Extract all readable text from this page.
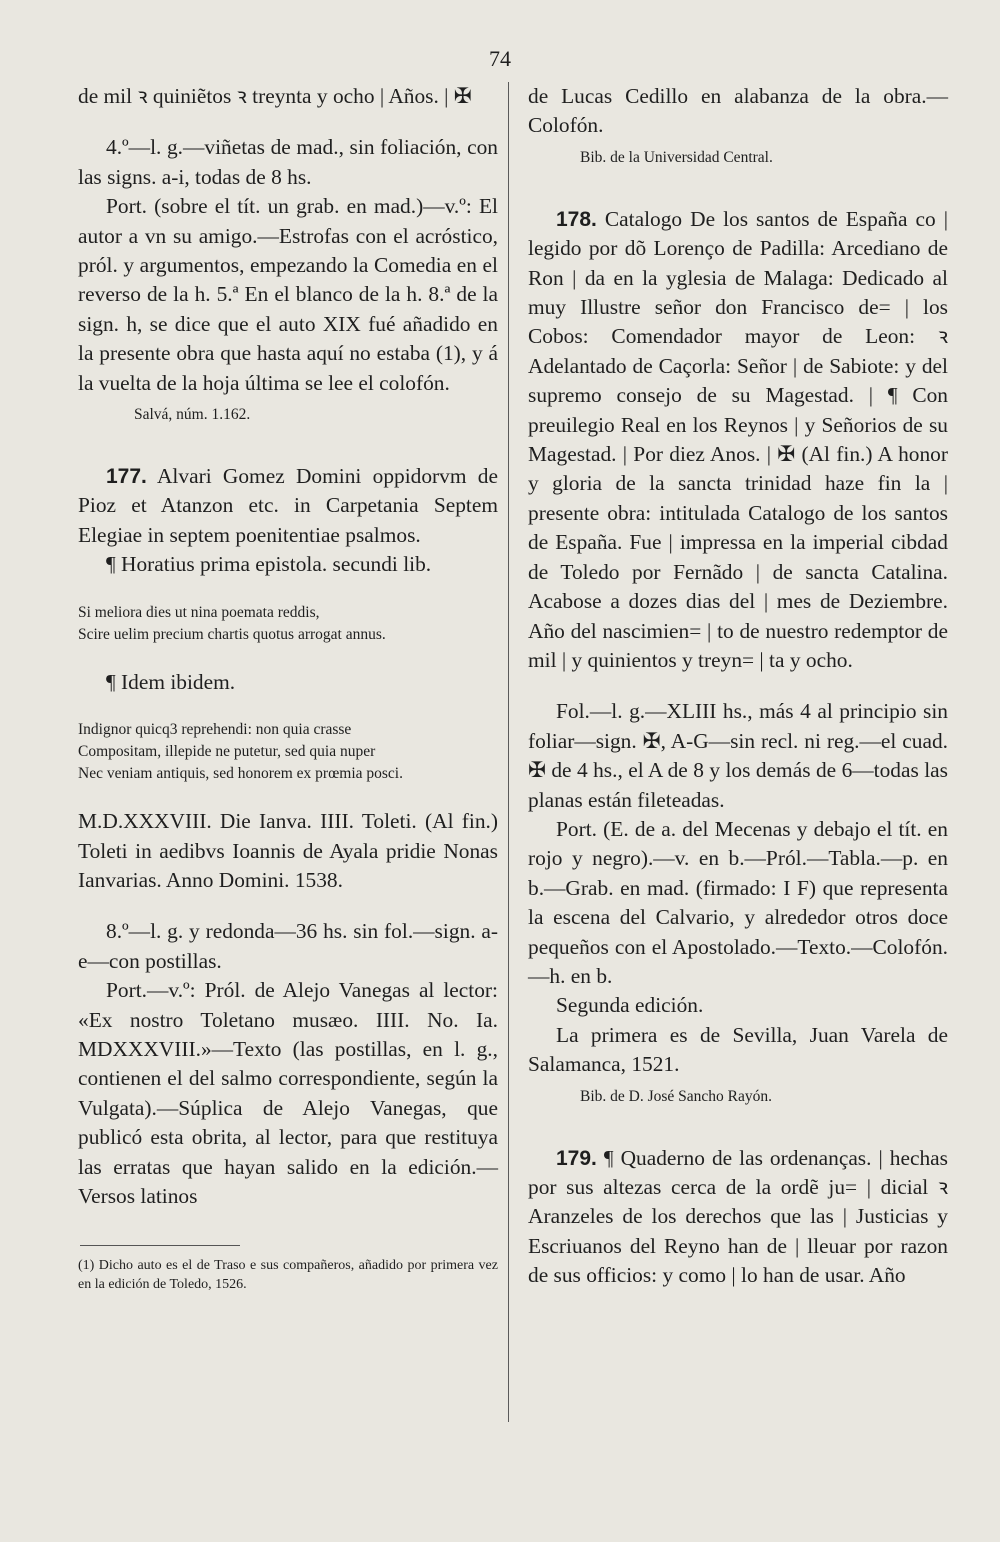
74

de mil ꝛ quiniẽtos ꝛ treynta y ocho | Años. | ✠

4.º—l. g.—viñetas de mad., sin foliación, con las signs. a-i, todas de 8 hs.

Port. (sobre el tít. un grab. en mad.)—v.º: El autor a vn su amigo.—Estrofas con el acróstico, pról. y argumentos, empezando la Comedia en el reverso de la h. 5.ª En el blanco de la h. 8.ª de la sign. h, se dice que el auto XIX fué añadido en la presente obra que hasta aquí no estaba (1), y á la vuelta de la hoja última se lee el colofón.

Salvá, núm. 1.162.

177. Alvari Gomez Domini oppidorvm de Pioz et Atanzon etc. in Carpetania Septem Elegiae in septem poenitentiae psalmos.

¶ Horatius prima epistola. secundi lib.

Si meliora dies ut nina poemata reddis,
Scire uelim precium chartis quotus arrogat annus.

¶ Idem ibidem.

Indignor quicq3 reprehendi: non quia crasse
Compositam, illepide ne putetur, sed quia nuper
Nec veniam antiquis, sed honorem ex prœmia posci.

M.D.XXXVIII. Die Ianva. IIII. Toleti. (Al fin.) Toleti in aedibvs Ioannis de Ayala pridie Nonas Ianvarias. Anno Domini. 1538.

8.º—l. g. y redonda—36 hs. sin fol.—sign. a-e—con postillas.

Port.—v.º: Pról. de Alejo Vanegas al lector: «Ex nostro Toletano musæo. IIII. No. Ia. MDXXXVIII.»—Texto (las postillas, en l. g., contienen el del salmo correspondiente, según la Vulgata).—Súplica de Alejo Vanegas, que publicó esta obrita, al lector, para que restituya las erratas que hayan salido en la edición.—Versos latinos

(1) Dicho auto es el de Traso e sus compañeros, añadido por primera vez en la edición de Toledo, 1526.

de Lucas Cedillo en alabanza de la obra.—Colofón.

Bib. de la Universidad Central.

178. Catalogo De los santos de España co | legido por dõ Lorenço de Padilla: Arcediano de Ron | da en la yglesia de Malaga: Dedicado al muy Illustre señor don Francisco de= | los Cobos: Comendador mayor de Leon: ꝛ Adelantado de Caçorla: Señor | de Sabiote: y del supremo consejo de su Magestad. | ¶ Con preuilegio Real en los Reynos | y Señorios de su Magestad. | Por diez Anos. | ✠ (Al fin.) A honor y gloria de la sancta trinidad haze fin la | presente obra: intitulada Catalogo de los santos de España. Fue | impressa en la imperial cibdad de Toledo por Fernãdo | de sancta Catalina. Acabose a dozes dias del | mes de Deziembre. Año del nascimien= | to de nuestro redemptor de mil | y quinientos y treyn= | ta y ocho.

Fol.—l. g.—XLIII hs., más 4 al principio sin foliar—sign. ✠, A-G—sin recl. ni reg.—el cuad. ✠ de 4 hs., el A de 8 y los demás de 6—todas las planas están fileteadas.

Port. (E. de a. del Mecenas y debajo el tít. en rojo y negro).—v. en b.—Pról.—Tabla.—p. en b.—Grab. en mad. (firmado: I F) que representa la escena del Calvario, y alrededor otros doce pequeños con el Apostolado.—Texto.—Colofón.—h. en b.

Segunda edición.

La primera es de Sevilla, Juan Varela de Salamanca, 1521.

Bib. de D. José Sancho Rayón.

179. ¶ Quaderno de las ordenanças. | hechas por sus altezas cerca de la ordẽ ju= | dicial ꝛ Aranzeles de los derechos que las | Justicias y Escriuanos del Reyno han de | lleuar por razon de sus officios: y como | lo han de usar. Año
